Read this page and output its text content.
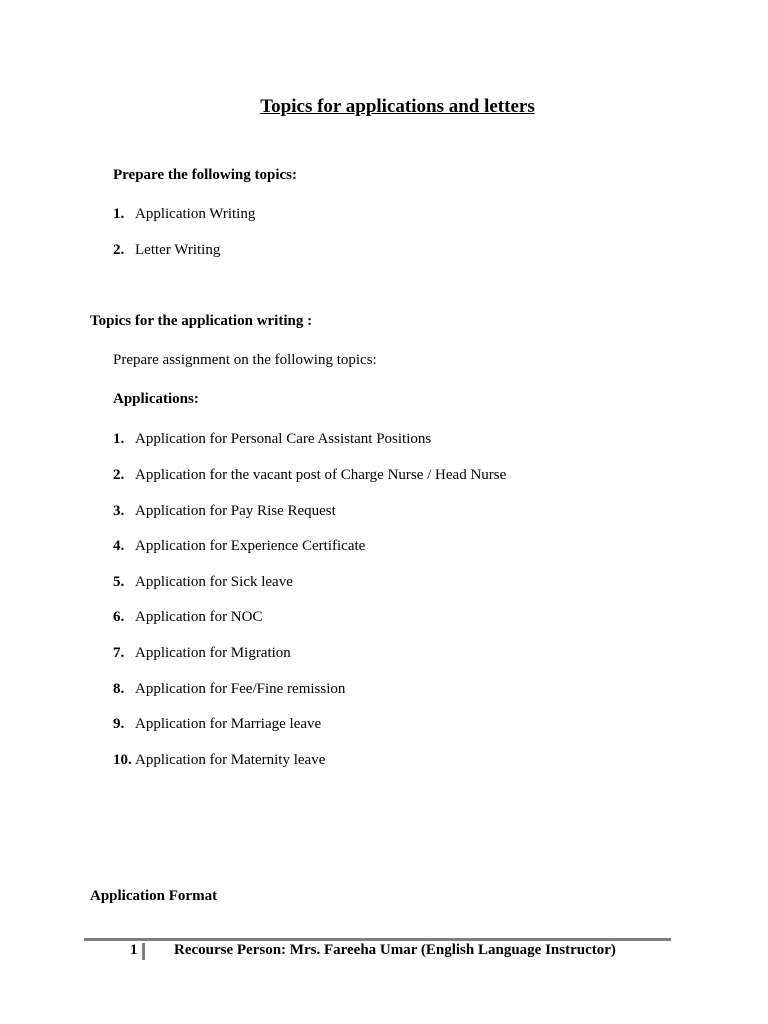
Topics for applications and letters
Prepare the following topics:
1. Application Writing
2. Letter Writing
Topics for the application writing :
Prepare assignment on the following topics:
Applications:
1. Application for Personal Care Assistant Positions
2. Application for the vacant post of Charge Nurse / Head Nurse
3. Application for Pay Rise Request
4. Application for Experience Certificate
5. Application for Sick leave
6. Application for NOC
7. Application for Migration
8. Application for Fee/Fine remission
9. Application for Marriage leave
10. Application for Maternity leave
Application Format
1 Recourse Person: Mrs. Fareeha Umar (English Language Instructor)
